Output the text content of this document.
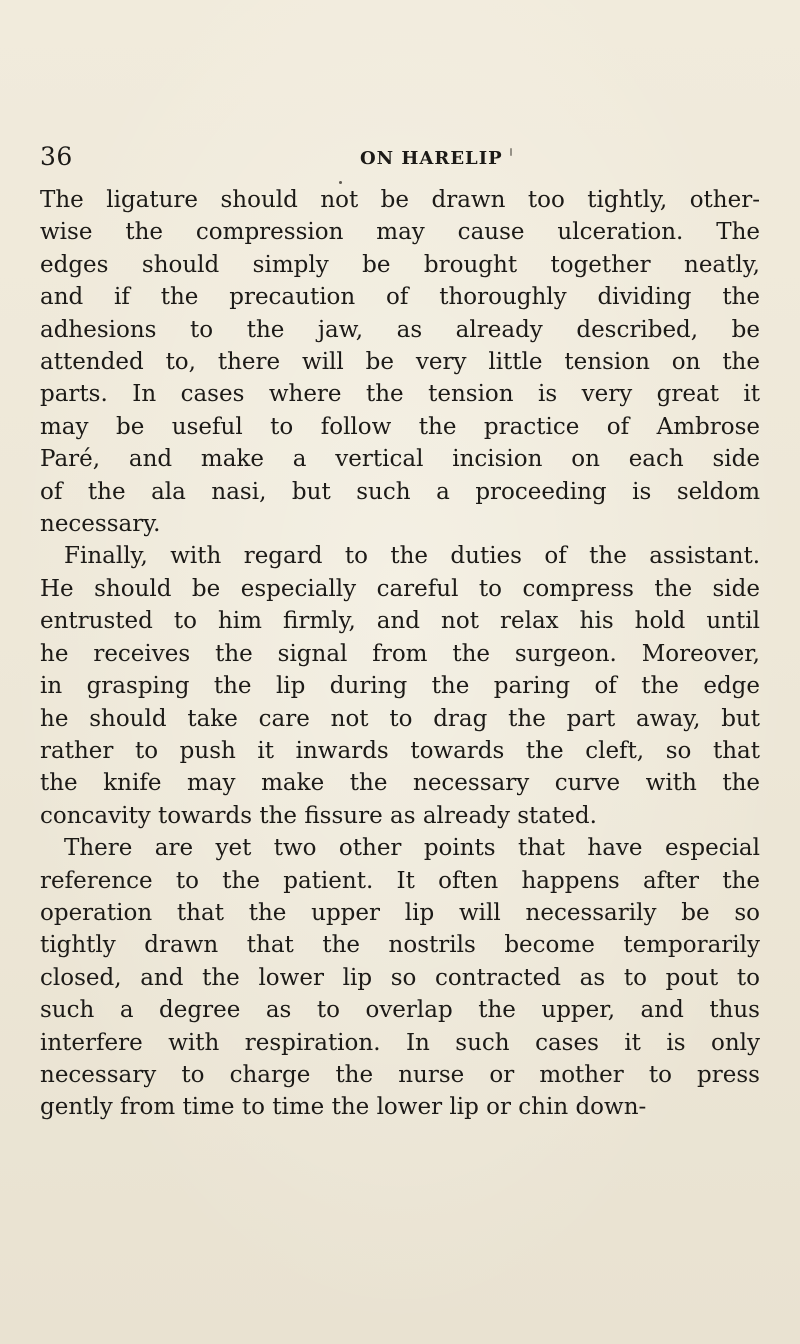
36	ON HARELIP

The ligature should not be drawn too tightly, other-
wise the compression may cause ulceration. The
edges should simply be brought together neatly,
and if the precaution of thoroughly dividing the
adhesions to the jaw, as already described, be
attended to, there will be very little tension on the
parts. In cases where the tension is very great it
may be useful to follow the practice of Ambrose
Paré, and make a vertical incision on each side
of the ala nasi, but such a proceeding is seldom
necessary.

Finally, with regard to the duties of the assistant.
He should be especially careful to compress the side
entrusted to him firmly, and not relax his hold until
he receives the signal from the surgeon. Moreover,
in grasping the lip during the paring of the edge
he should take care not to drag the part away, but
rather to push it inwards towards the cleft, so that
the knife may make the necessary curve with the
concavity towards the fissure as already stated.

There are yet two other points that have especial
reference to the patient. It often happens after the
operation that the upper lip will necessarily be so
tightly drawn that the nostrils become temporarily
closed, and the lower lip so contracted as to pout to
such a degree as to overlap the upper, and thus
interfere with respiration. In such cases it is only
necessary to charge the nurse or mother to press
gently from time to time the lower lip or chin down-
